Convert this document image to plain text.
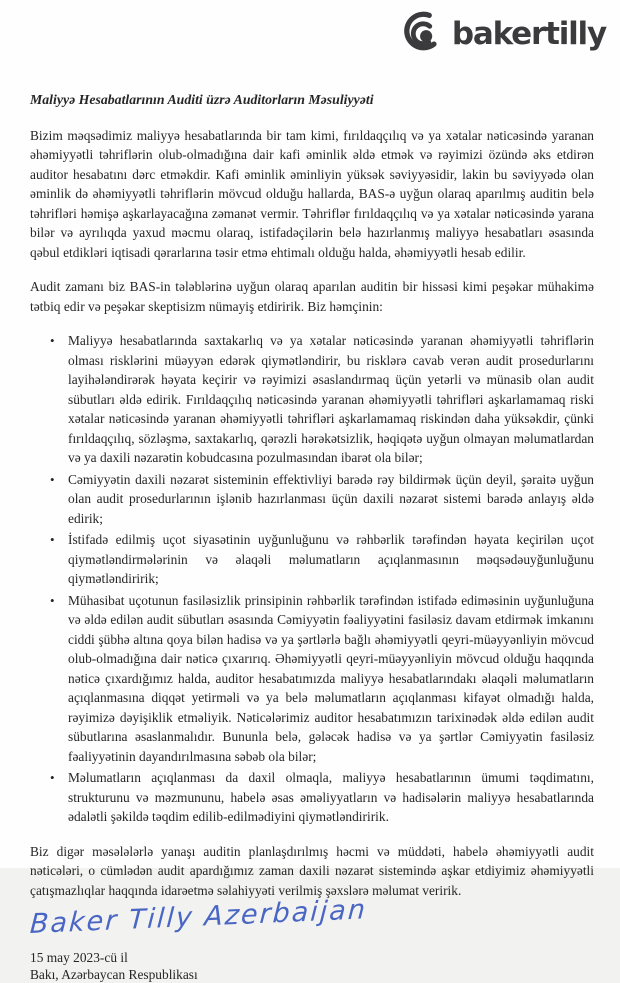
bakertilly
Maliyyə Hesabatlarının Auditi üzrə Auditorların Məsuliyyəti

Bizim məqsədimiz maliyyə hesabatlarında bir tam kimi, fırıldaqçılıq və ya xətalar nəticəsində yaranan əhəmiyyətli təhriflərin olub-olmadığına dair kafi əminlik əldə etmək və rəyimizi özündə əks etdirən auditor hesabatını dərc etməkdir. Kafi əminlik əminliyin yüksək səviyyəsidir, lakin bu səviyyədə olan əminlik də əhəmiyyətli təhriflərin mövcud olduğu hallarda, BAS-ə uyğun olaraq aparılmış auditin belə təhrifləri həmişə aşkarlayacağına zəmanət vermir. Təhriflər fırıldaqçılıq və ya xətalar nəticəsində yarana bilər və ayrılıqda yaxud məcmu olaraq, istifadəçilərin belə hazırlanmış maliyyə hesabatları əsasında qəbul etdikləri iqtisadi qərarlarına təsir etmə ehtimalı olduğu halda, əhəmiyyətli hesab edilir.

Audit zamanı biz BAS-in tələblərinə uyğun olaraq aparılan auditin bir hissəsi kimi peşəkar mühakimə tətbiq edir və peşəkar skeptisizm nümayiş etdiririk. Biz həmçinin:

• Maliyyə hesabatlarında saxtakarlıq və ya xətalar nəticəsində yaranan əhəmiyyətli təhriflərin olması risklərini müəyyən edərək qiymətləndirir, bu risklərə cavab verən audit prosedurlarını layihələndirərək həyata keçirir və rəyimizi əsaslandırmaq üçün yetərli və münasib olan audit sübutları əldə edirik. Fırıldaqçılıq nəticəsində yaranan əhəmiyyətli təhrifləri aşkarlamamaq riski xətalar nəticəsində yaranan əhəmiyyətli təhrifləri aşkarlamamaq riskindən daha yüksəkdir, çünki fırıldaqçılıq, sözləşmə, saxtakarlıq, qərəzli hərəkətsizlik, həqiqətə uyğun olmayan məlumatlardan və ya daxili nəzarətin kobudcasına pozulmasından ibarət ola bilər;
• Cəmiyyətin daxili nəzarət sisteminin effektivliyi barədə rəy bildirmək üçün deyil, şəraitə uyğun olan audit prosedurlarının işlənib hazırlanması üçün daxili nəzarət sistemi barədə anlayış əldə edirik;
• İstifadə edilmiş uçot siyasətinin uyğunluğunu və rəhbərlik tərəfindən həyata keçirilən uçot qiymətləndirmələrinin və əlaqəli məlumatların açıqlanmasının məqsədəuyğunluğunu qiymətləndiririk;
• Mühasibat uçotunun fasiləsizlik prinsipinin rəhbərlik tərəfindən istifadə ediməsinin uyğunluğuna və əldə edilən audit sübutları əsasında Cəmiyyətin fəaliyyətini fasiləsiz davam etdirmək imkanını ciddi şübhə altına qoya bilən hadisə və ya şərtlərlə bağlı əhəmiyyətli qeyri-müəyyənliyin mövcud olub-olmadığına dair nəticə çıxarırıq. Əhəmiyyətli qeyri-müəyyənliyin mövcud olduğu haqqında nəticə çıxardığımız halda, auditor hesabatımızda maliyyə hesabatlarındakı əlaqəli məlumatların açıqlanmasına diqqət yetirməli və ya belə məlumatların açıqlanması kifayət olmadığı halda, rəyimizə dəyişiklik etməliyik. Nəticələrimiz auditor hesabatımızın tarixinədək əldə edilən audit sübutlarına əsaslanmalıdır. Bununla belə, gələcək hadisə və ya şərtlər Cəmiyyətin fasiləsiz fəaliyyətinin dayandırılmasına səbəb ola bilər;
• Məlumatların açıqlanması da daxil olmaqla, maliyyə hesabatlarının ümumi təqdimatını, strukturunu və məzmununu, habelə əsas əməliyyatların və hadisələrin maliyyə hesabatlarında ədalətli şəkildə təqdim edilib-edilmədiyini qiymətləndiririk.

Biz digər məsələlərlə yanaşı auditin planlaşdırılmış həcmi və müddəti, habelə əhəmiyyətli audit nəticələri, o cümlədən audit apardığımız zaman daxili nəzarət sistemində aşkar etdiyimiz əhəmiyyətli çatışmazlıqlar haqqında idarəetmə səlahiyyəti verilmiş şəxslərə məlumat veririk.

Baker Tilly Azerbaijan
15 may 2023-cü il
Bakı, Azərbaycan Respublikası
